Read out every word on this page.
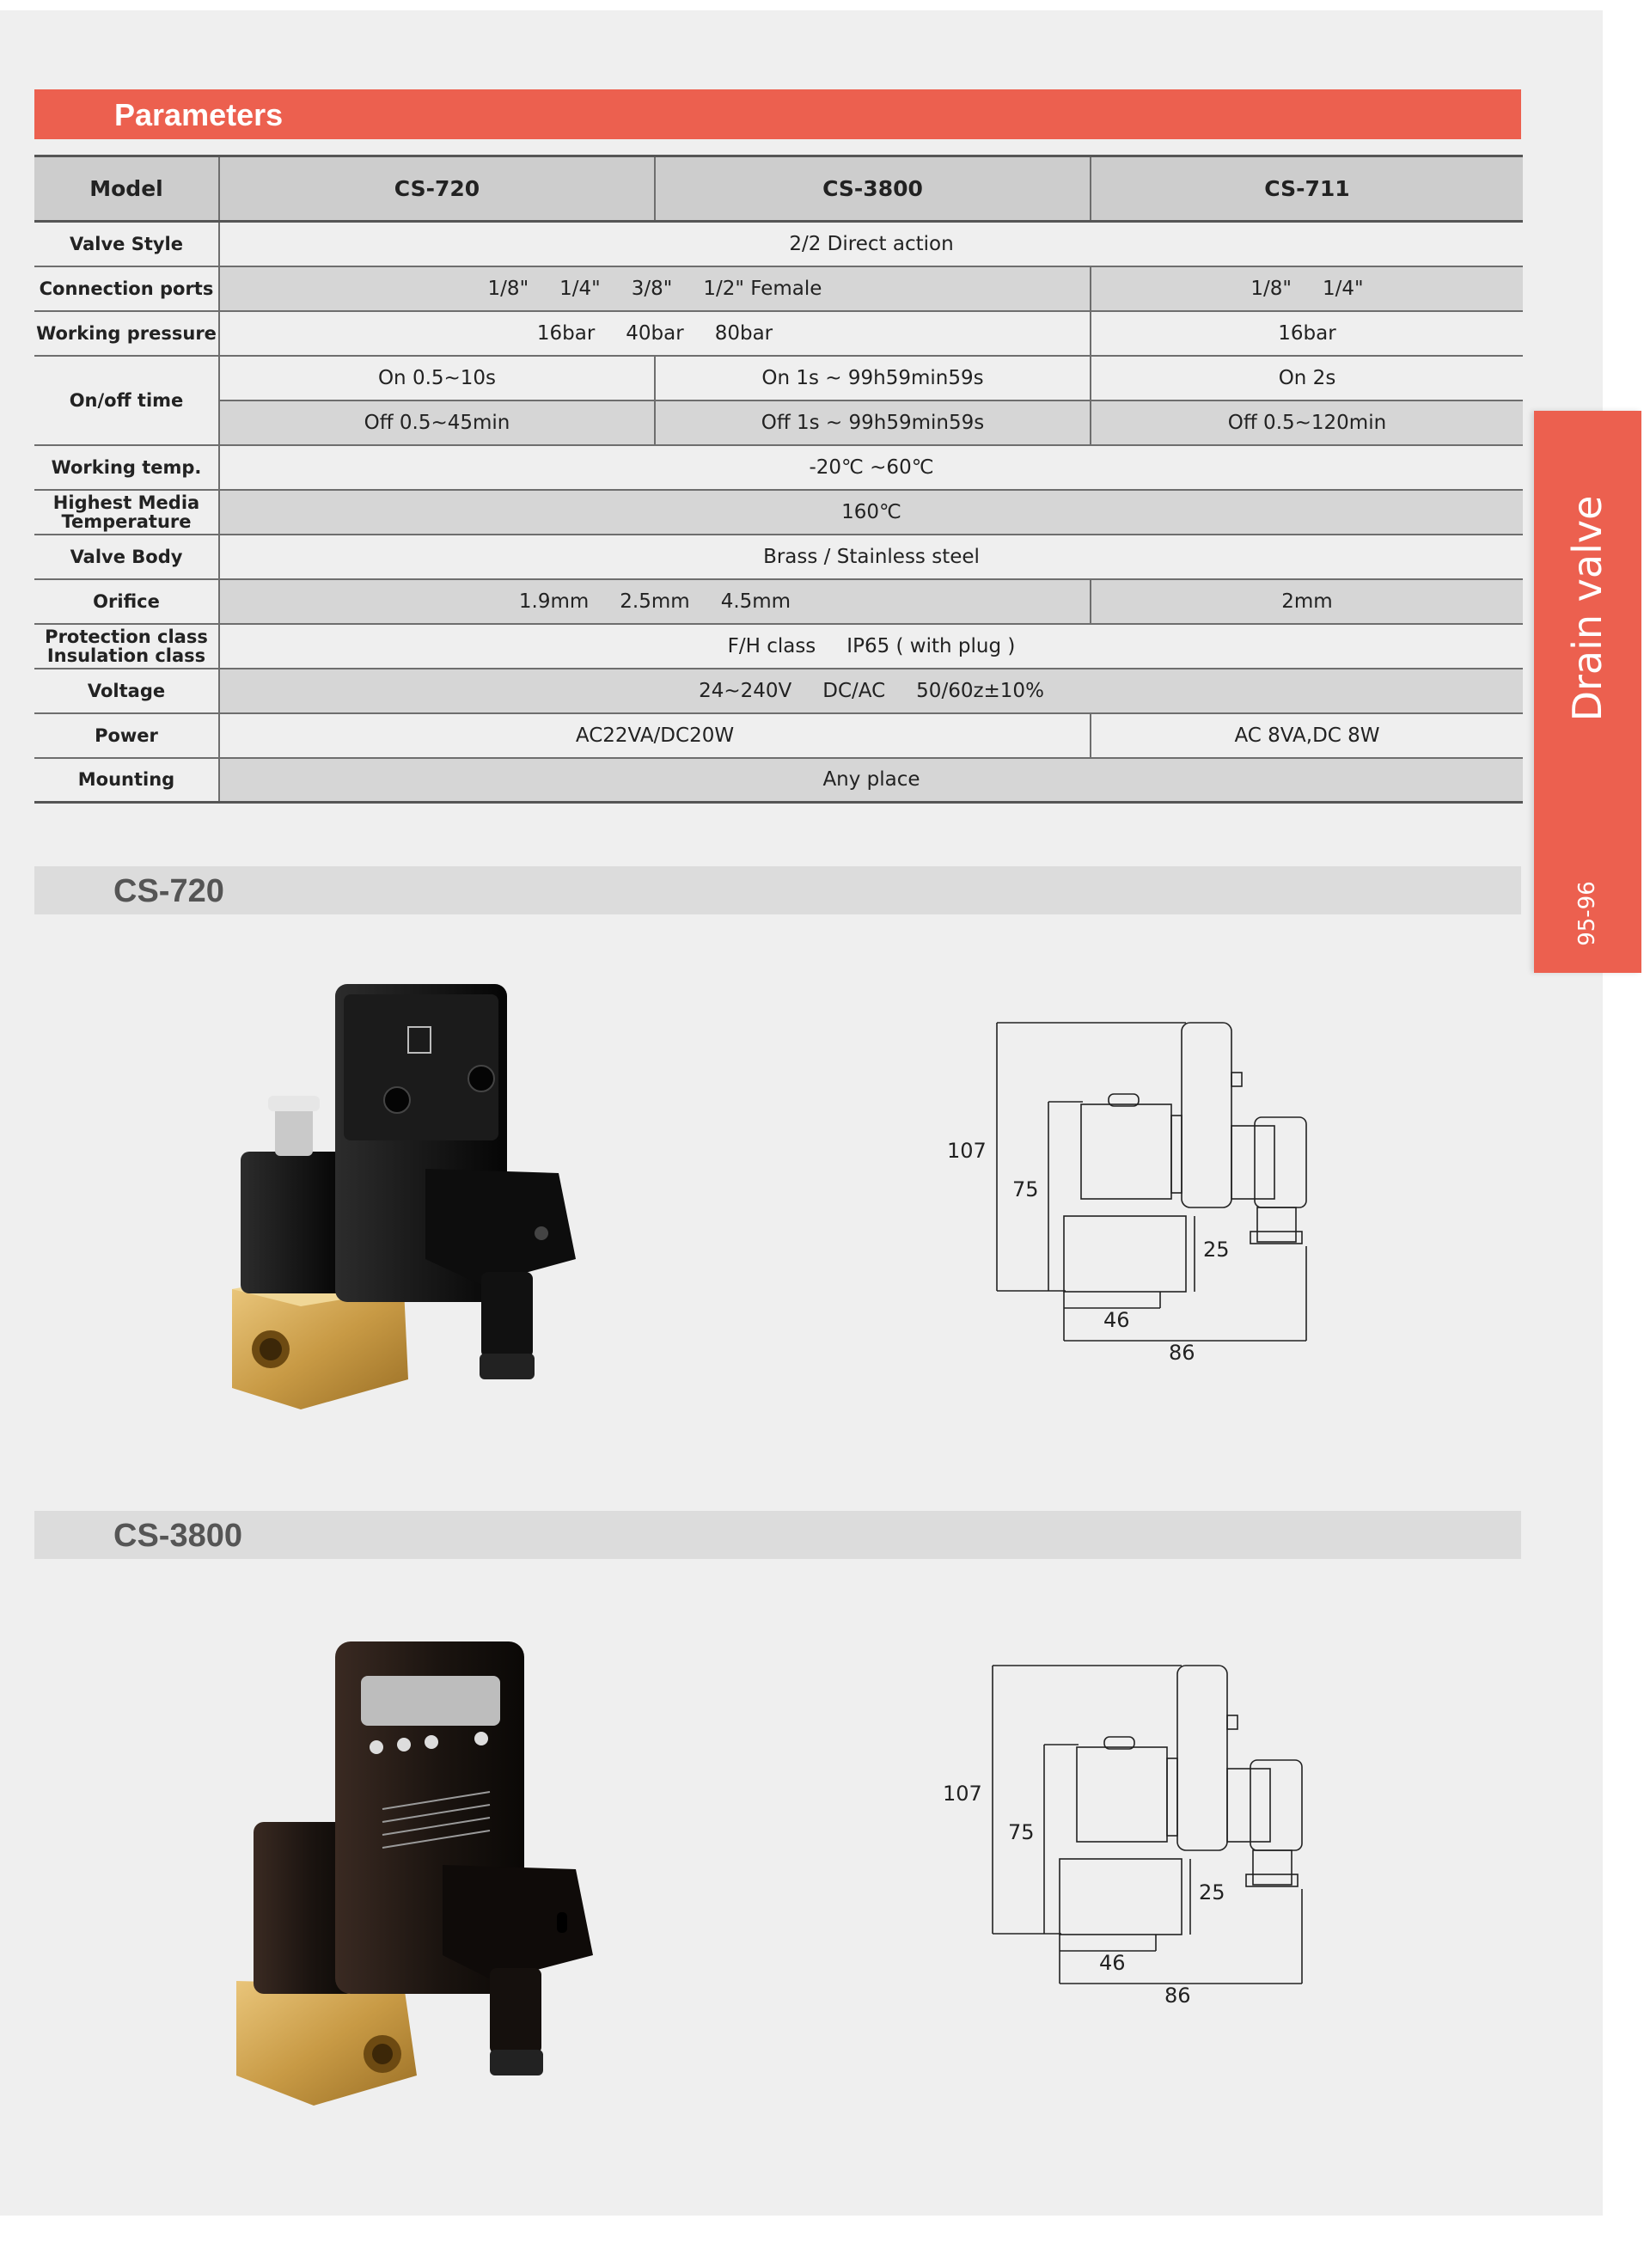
Parameters
Model	CS-720	CS-3800	CS-711
Valve Style	2/2 Direct action		
Connection ports	1/8" 1/4" 3/8" 1/2" Female		1/8" 1/4"
Working pressure	16bar 40bar 80bar		16bar
On/off time	On 0.5~10s	On 1s ~ 99h59min59s	On 2s
	Off 0.5~45min	Off 1s ~ 99h59min59s	Off 0.5~120min
Working temp.	-20℃ ~60℃		
Highest Media
Temperature	160℃		
Valve Body	Brass / Stainless steel		
Orifice	1.9mm 2.5mm 4.5mm		2mm
Protection class
Insulation class	F/H class IP65 ( with plug )		
Voltage	24~240V DC/AC 50/60z±10%		
Power	AC22VA/DC20W		AC 8VA,DC 8W
Mounting	Any place		
Drain valve
95-96
CS-720
107
75
25
46
86
CS-3800
107
75
25
46
86
